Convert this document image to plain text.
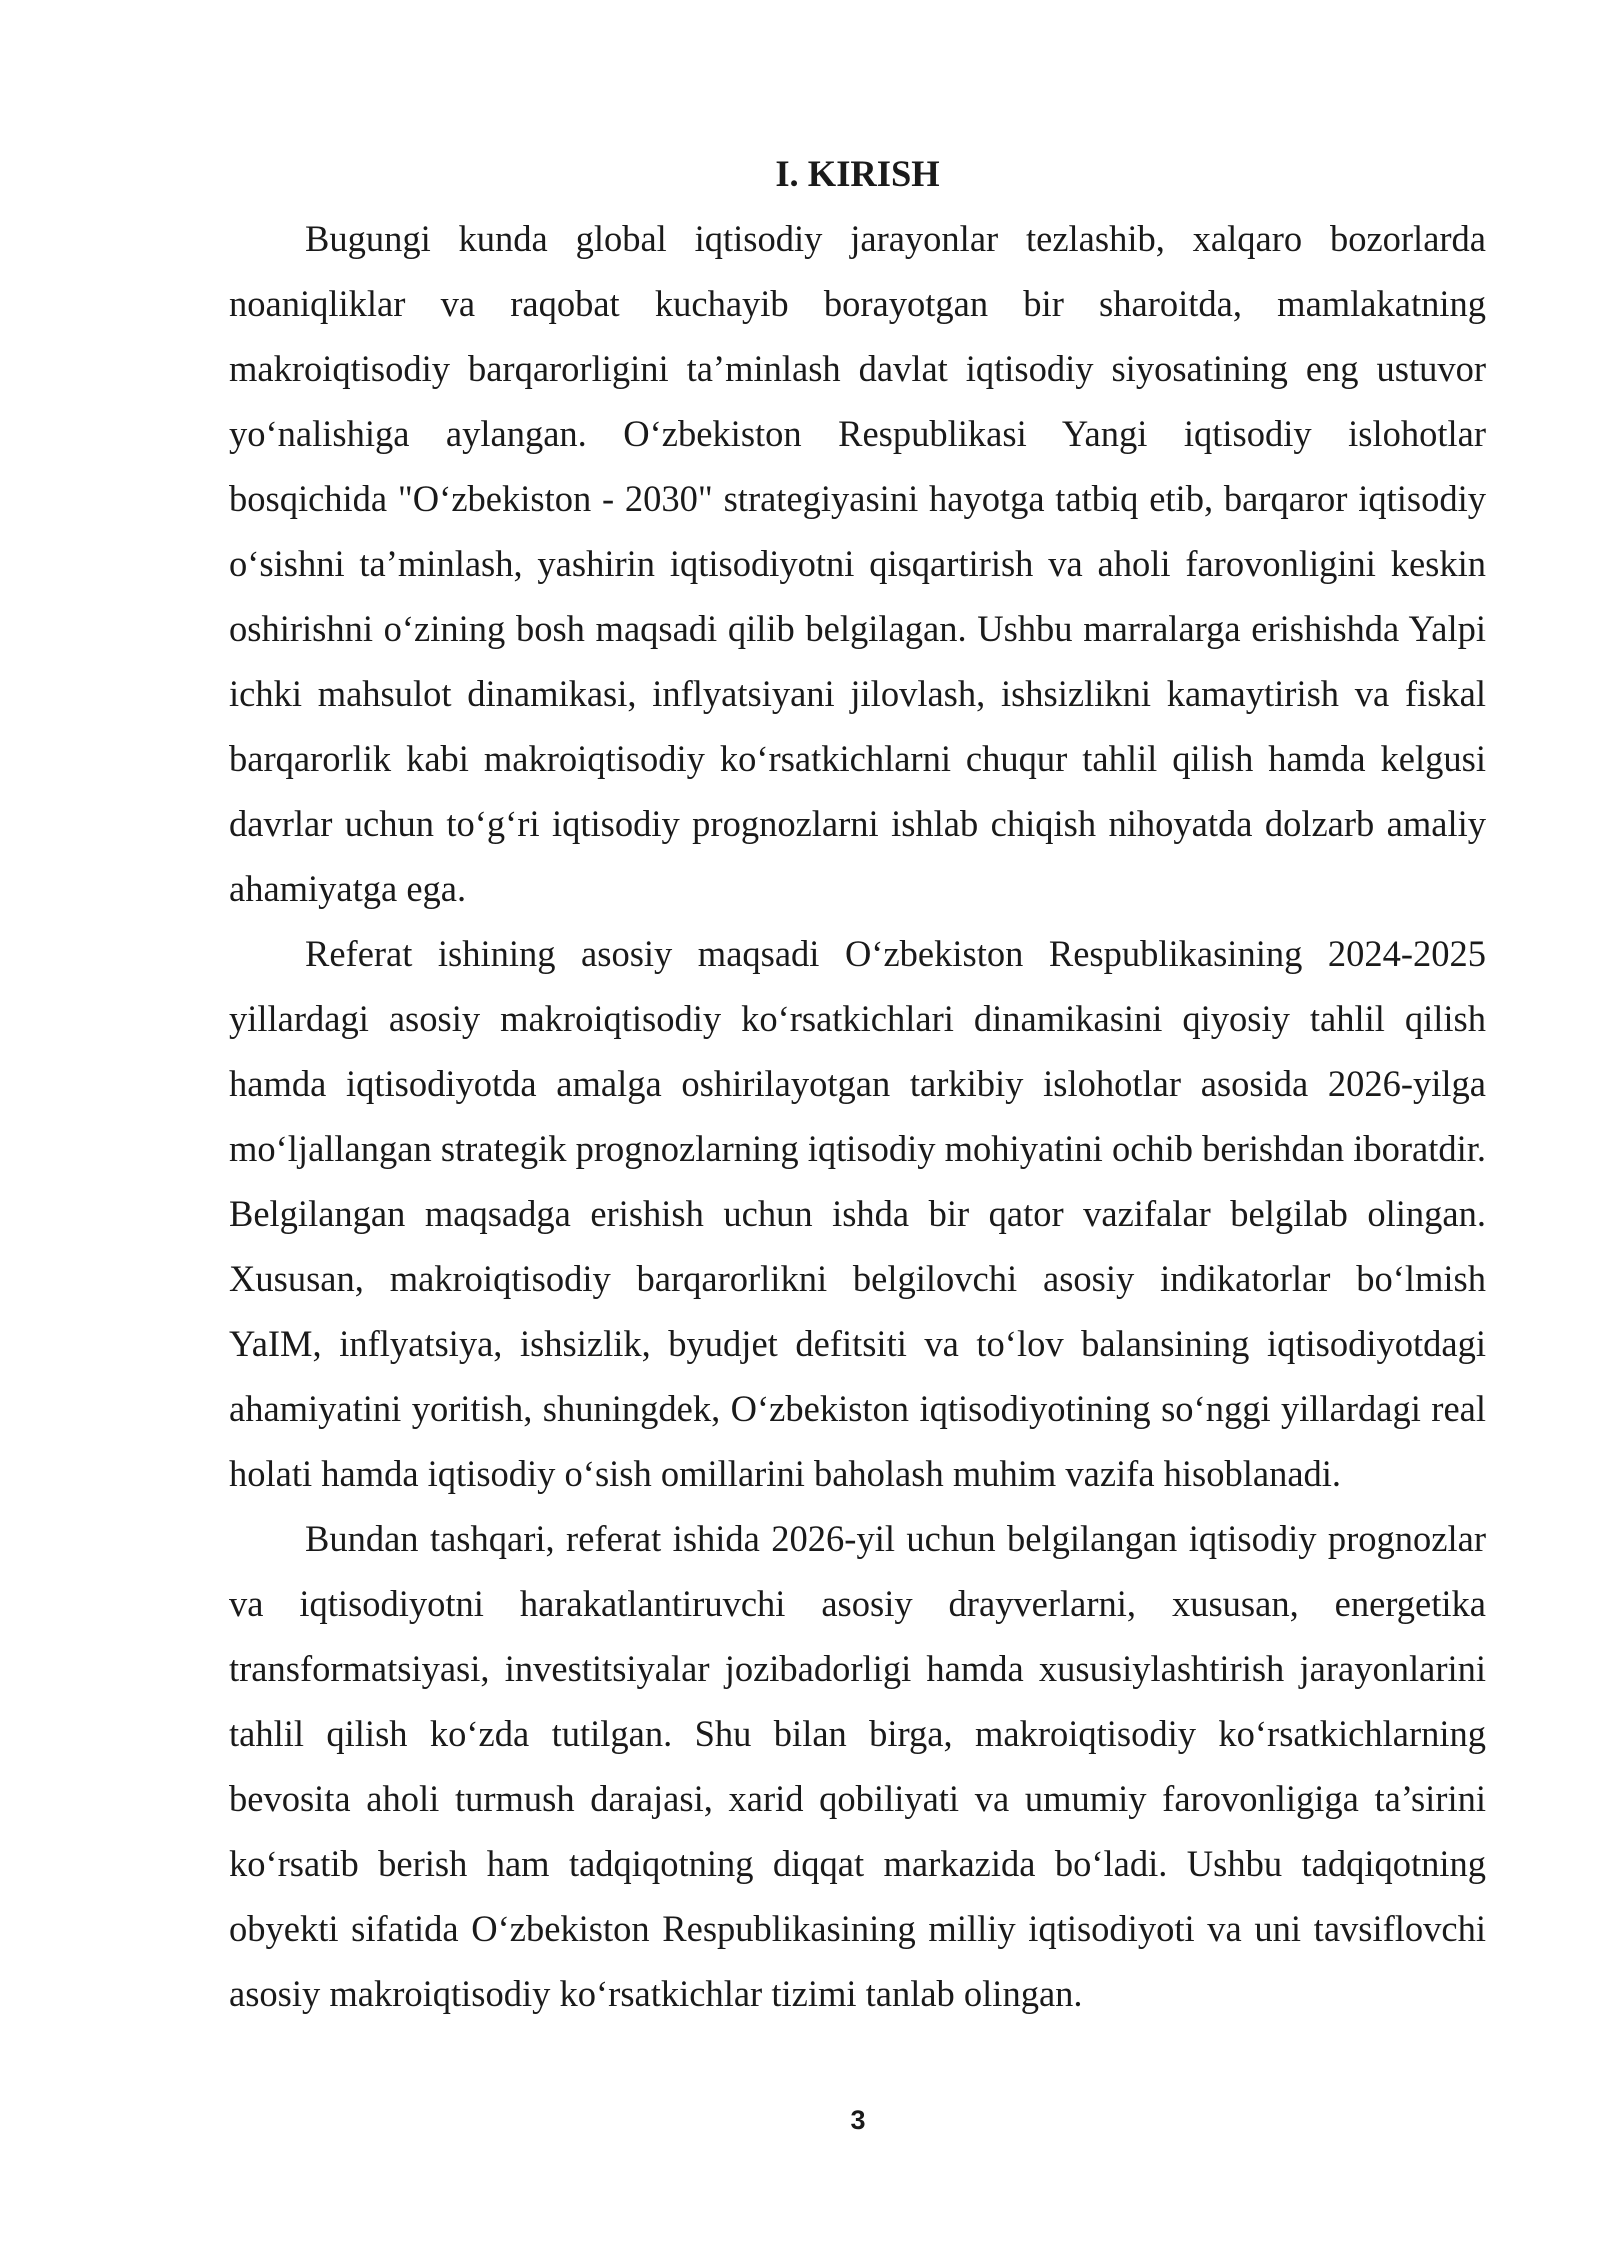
I. KIRISH

Bugungi kunda global iqtisodiy jarayonlar tezlashib, xalqaro bozorlarda noaniqliklar va raqobat kuchayib borayotgan bir sharoitda, mamlakatning makroiqtisodiy barqarorligini ta’minlash davlat iqtisodiy siyosatining eng ustuvor yo‘nalishiga aylangan. O‘zbekiston Respublikasi Yangi iqtisodiy islohotlar bosqichida "O‘zbekiston - 2030" strategiyasini hayotga tatbiq etib, barqaror iqtisodiy o‘sishni ta’minlash, yashirin iqtisodiyotni qisqartirish va aholi farovonligini keskin oshirishni o‘zining bosh maqsadi qilib belgilagan. Ushbu marralarga erishishda Yalpi ichki mahsulot dinamikasi, inflyatsiyani jilovlash, ishsizlikni kamaytirish va fiskal barqarorlik kabi makroiqtisodiy ko‘rsatkichlarni chuqur tahlil qilish hamda kelgusi davrlar uchun to‘g‘ri iqtisodiy prognozlarni ishlab chiqish nihoyatda dolzarb amaliy ahamiyatga ega.

Referat ishining asosiy maqsadi O‘zbekiston Respublikasining 2024-2025 yillardagi asosiy makroiqtisodiy ko‘rsatkichlari dinamikasini qiyosiy tahlil qilish hamda iqtisodiyotda amalga oshirilayotgan tarkibiy islohotlar asosida 2026-yilga mo‘ljallangan strategik prognozlarning iqtisodiy mohiyatini ochib berishdan iboratdir. Belgilangan maqsadga erishish uchun ishda bir qator vazifalar belgilab olingan. Xususan, makroiqtisodiy barqarorlikni belgilovchi asosiy indikatorlar bo‘lmish YaIM, inflyatsiya, ishsizlik, byudjet defitsiti va to‘lov balansining iqtisodiyotdagi ahamiyatini yoritish, shuningdek, O‘zbekiston iqtisodiyotining so‘nggi yillardagi real holati hamda iqtisodiy o‘sish omillarini baholash muhim vazifa hisoblanadi.

Bundan tashqari, referat ishida 2026-yil uchun belgilangan iqtisodiy prognozlar va iqtisodiyotni harakatlantiruvchi asosiy drayverlarni, xususan, energetika transformatsiyasi, investitsiyalar jozibadorligi hamda xususiylashtirish jarayonlarini tahlil qilish ko‘zda tutilgan. Shu bilan birga, makroiqtisodiy ko‘rsatkichlarning bevosita aholi turmush darajasi, xarid qobiliyati va umumiy farovonligiga ta’sirini ko‘rsatib berish ham tadqiqotning diqqat markazida bo‘ladi. Ushbu tadqiqotning obyekti sifatida O‘zbekiston Respublikasining milliy iqtisodiyoti va uni tavsiflovchi asosiy makroiqtisodiy ko‘rsatkichlar tizimi tanlab olingan.

3
